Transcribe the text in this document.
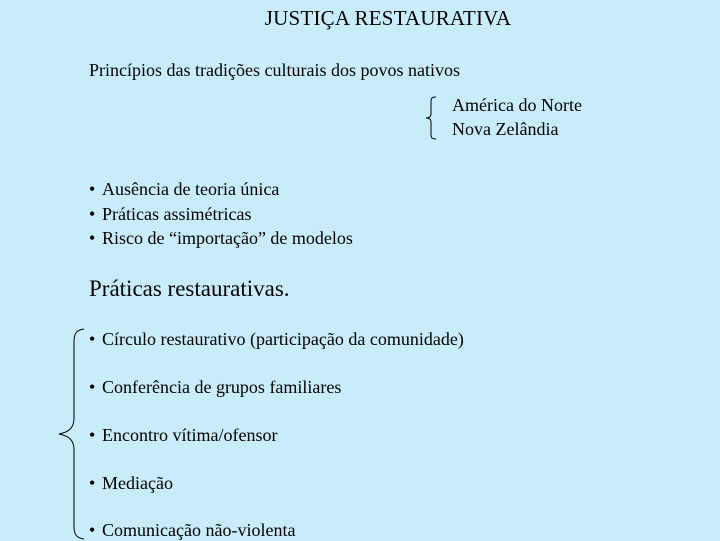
JUSTIÇA RESTAURATIVA
Princípios das tradições culturais dos povos nativos
América do Norte
Nova Zelândia
• Ausência de teoria única
• Práticas assimétricas
• Risco de “importação” de modelos
Práticas restaurativas.
• Círculo restaurativo (participação da comunidade)
• Conferência de grupos familiares
• Encontro vítima/ofensor
• Mediação
• Comunicação não-violenta
